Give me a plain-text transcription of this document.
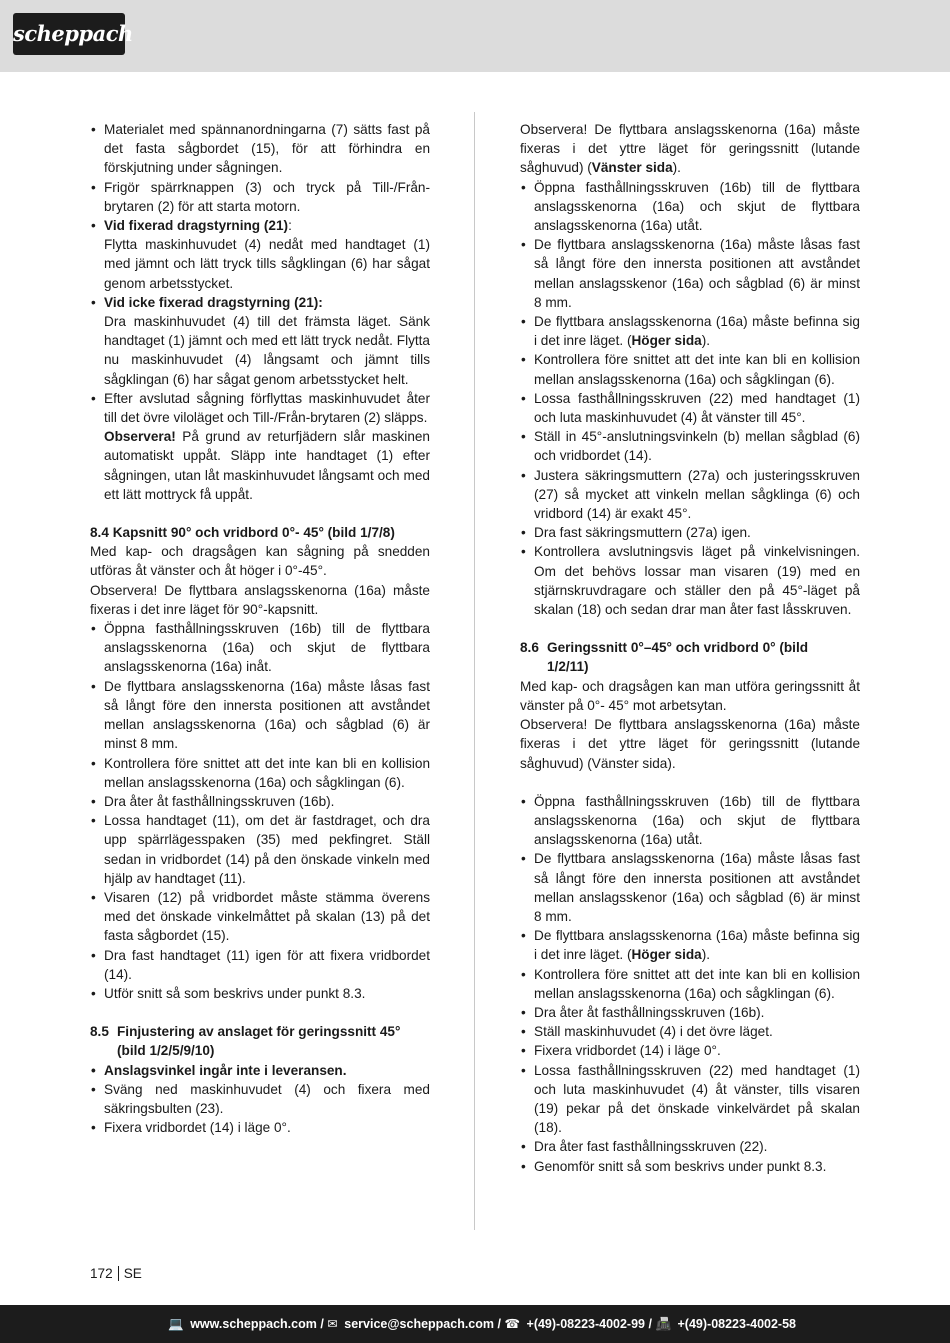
scheppach
• Materialet med spännanordningarna (7) sätts fast på det fasta sågbordet (15), för att förhindra en förskjutning under sågningen.
• Frigör spärrknappen (3) och tryck på Till-/Från-brytaren (2) för att starta motorn.
• Vid fixerad dragstyrning (21):
Flytta maskinhuvudet (4) nedåt med handtaget (1) med jämnt och lätt tryck tills sågklingan (6) har sågat genom arbetsstycket.
• Vid icke fixerad dragstyrning (21):
Dra maskinhuvudet (4) till det främsta läget. Sänk handtaget (1) jämnt och med ett lätt tryck nedåt. Flytta nu maskinhuvudet (4) långsamt och jämnt tills sågklingan (6) har sågat genom arbetsstycket helt.
• Efter avslutad sågning förflyttas maskinhuvudet åter till det övre viloläget och Till-/Från-brytaren (2) släpps.
Observera! På grund av returfjädern slår maskinen automatiskt uppåt. Släpp inte handtaget (1) efter sågningen, utan låt maskinhuvudet långsamt och med ett lätt mottryck få uppåt.
8.4 Kapsnitt 90° och vridbord 0°- 45° (bild 1/7/8)

Med kap- och dragsågen kan sågning på snedden utföras åt vänster och åt höger i 0°-45°.

Observera! De flyttbara anslagsskenorna (16a) måste fixeras i det inre läget för 90°-kapsnitt.

• Öppna fasthållningsskruven (16b) till de flyttbara anslagsskenorna (16a) och skjut de flyttbara anslagsskenorna (16a) inåt.
• De flyttbara anslagsskenorna (16a) måste låsas fast så långt före den innersta positionen att avståndet mellan anslagsskenorna (16a) och sågblad (6) är minst 8 mm.
• Kontrollera före snittet att det inte kan bli en kollision mellan anslagsskenorna (16a) och sågklingan (6).
• Dra åter åt fasthållningsskruven (16b).
• Lossa handtaget (11), om det är fastdraget, och dra upp spärrlägesspaken (35) med pekfingret. Ställ sedan in vridbordet (14) på den önskade vinkeln med hjälp av handtaget (11).
• Visaren (12) på vridbordet måste stämma överens med det önskade vinkelmåttet på skalan (13) på det fasta sågbordet (15).
• Dra fast handtaget (11) igen för att fixera vridbordet (14).
• Utför snitt så som beskrivs under punkt 8.3.
8.5 Finjustering av anslaget för geringssnitt 45°
(bild 1/2/5/9/10)
• Anslagsvinkel ingår inte i leveransen.
• Sväng ned maskinhuvudet (4) och fixera med säkringsbulten (23).
• Fixera vridbordet (14) i läge 0°.

Observera! De flyttbara anslagsskenorna (16a) måste fixeras i det yttre läget för geringssnitt (lutande såghuvud) (Vänster sida).

• Öppna fasthållningsskruven (16b) till de flyttbara anslagsskenorna (16a) och skjut de flyttbara anslagsskenorna (16a) utåt.
• De flyttbara anslagsskenorna (16a) måste låsas fast så långt före den innersta positionen att avståndet mellan anslagsskenor (16a) och sågblad (6) är minst 8 mm.
• De flyttbara anslagsskenorna (16a) måste befinna sig i det inre läget. (Höger sida).
• Kontrollera före snittet att det inte kan bli en kollision mellan anslagsskenorna (16a) och sågklingan (6).
• Lossa fasthållningsskruven (22) med handtaget (1) och luta maskinhuvudet (4) åt vänster till 45°.
• Ställ in 45°-anslutningsvinkeln (b) mellan sågblad (6) och vridbordet (14).
• Justera säkringsmuttern (27a) och justeringsskruven (27) så mycket att vinkeln mellan sågklinga (6) och vridbord (14) är exakt 45°.
• Dra fast säkringsmuttern (27a) igen.
• Kontrollera avslutningsvis läget på vinkelvisningen. Om det behövs lossar man visaren (19) med en stjärnskruvdragare och ställer den på 45°-läget på skalan (18) och sedan drar man åter fast låsskruven.
8.6 Geringssnitt 0°–45° och vridbord 0° (bild
1/2/11)

Med kap- och dragsågen kan man utföra geringssnitt åt vänster på 0°- 45° mot arbetsytan.

Observera! De flyttbara anslagsskenorna (16a) måste fixeras i det yttre läget för geringssnitt (lutande såghuvud) (Vänster sida).

• Öppna fasthållningsskruven (16b) till de flyttbara anslagsskenorna (16a) och skjut de flyttbara anslagsskenorna (16a) utåt.
• De flyttbara anslagsskenorna (16a) måste låsas fast så långt före den innersta positionen att avståndet mellan anslagsskenor (16a) och sågblad (6) är minst 8 mm.
• De flyttbara anslagsskenorna (16a) måste befinna sig i det inre läget. (Höger sida).
• Kontrollera före snittet att det inte kan bli en kollision mellan anslagsskenorna (16a) och sågklingan (6).
• Dra åter åt fasthållningsskruven (16b).
• Ställ maskinhuvudet (4) i det övre läget.
• Fixera vridbordet (14) i läge 0°.
• Lossa fasthållningsskruven (22) med handtaget (1) och luta maskinhuvudet (4) åt vänster, tills visaren (19) pekar på det önskade vinkelvärdet på skalan (18).
• Dra åter fast fasthållningsskruven (22).
• Genomför snitt så som beskrivs under punkt 8.3.
172 SE
💻 www.scheppach.com / ✉ service@scheppach.com / ☎ +(49)-08223-4002-99 / 📠 +(49)-08223-4002-58
